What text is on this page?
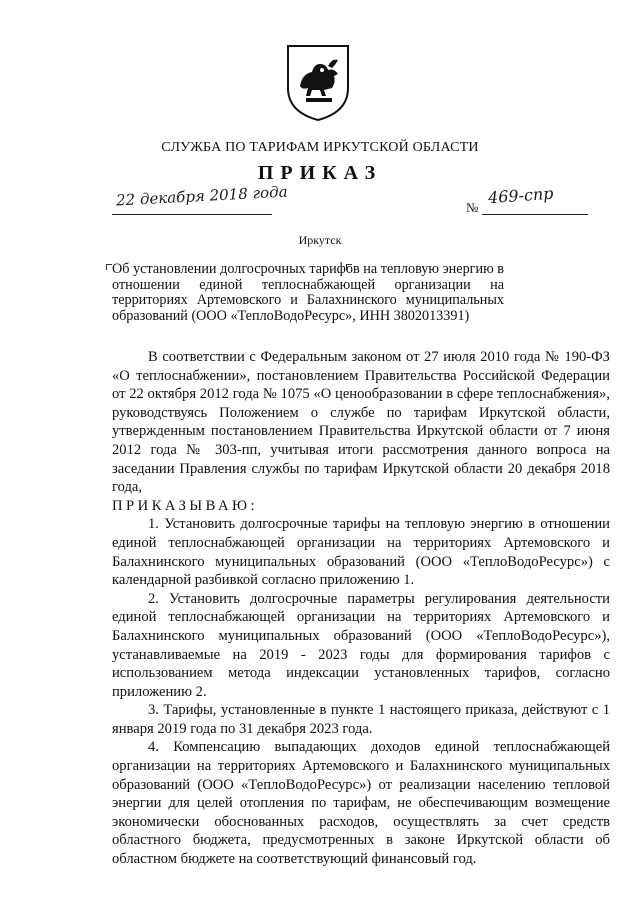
СЛУЖБА ПО ТАРИФАМ ИРКУТСКОЙ ОБЛАСТИ
ПРИКАЗ
22 декабря 2018 года	№
469-спр
Иркутск
Об установлении долгосрочных тарифов на тепловую энергию в отношении единой теплоснабжающей организации на территориях Артемовского и Балахнинского муниципальных образований (ООО «ТеплоВодоРесурс», ИНН 3802013391)

В соответствии с Федеральным законом от 27 июля 2010 года № 190-ФЗ «О теплоснабжении», постановлением Правительства Российской Федерации от 22 октября 2012 года № 1075 «О ценообразовании в сфере теплоснабжения», руководствуясь Положением о службе по тарифам Иркутской области, утвержденным постановлением Правительства Иркутской области от 7 июня 2012 года № 303-пп, учитывая итоги рассмотрения данного вопроса на заседании Правления службы по тарифам Иркутской области 20 декабря 2018 года,

ПРИКАЗЫВАЮ:

1. Установить долгосрочные тарифы на тепловую энергию в отношении единой теплоснабжающей организации на территориях Артемовского и Балахнинского муниципальных образований (ООО «ТеплоВодоРесурс») с календарной разбивкой согласно приложению 1.

2. Установить долгосрочные параметры регулирования деятельности единой теплоснабжающей организации на территориях Артемовского и Балахнинского муниципальных образований (ООО «ТеплоВодоРесурс»), устанавливаемые на 2019 - 2023 годы для формирования тарифов с использованием метода индексации установленных тарифов, согласно приложению 2.

3. Тарифы, установленные в пункте 1 настоящего приказа, действуют с 1 января 2019 года по 31 декабря 2023 года.

4. Компенсацию выпадающих доходов единой теплоснабжающей организации на территориях Артемовского и Балахнинского муниципальных образований (ООО «ТеплоВодоРесурс») от реализации населению тепловой энергии для целей отопления по тарифам, не обеспечивающим возмещение экономически обоснованных расходов, осуществлять за счет средств областного бюджета, предусмотренных в законе Иркутской области об областном бюджете на соответствующий финансовый год.
